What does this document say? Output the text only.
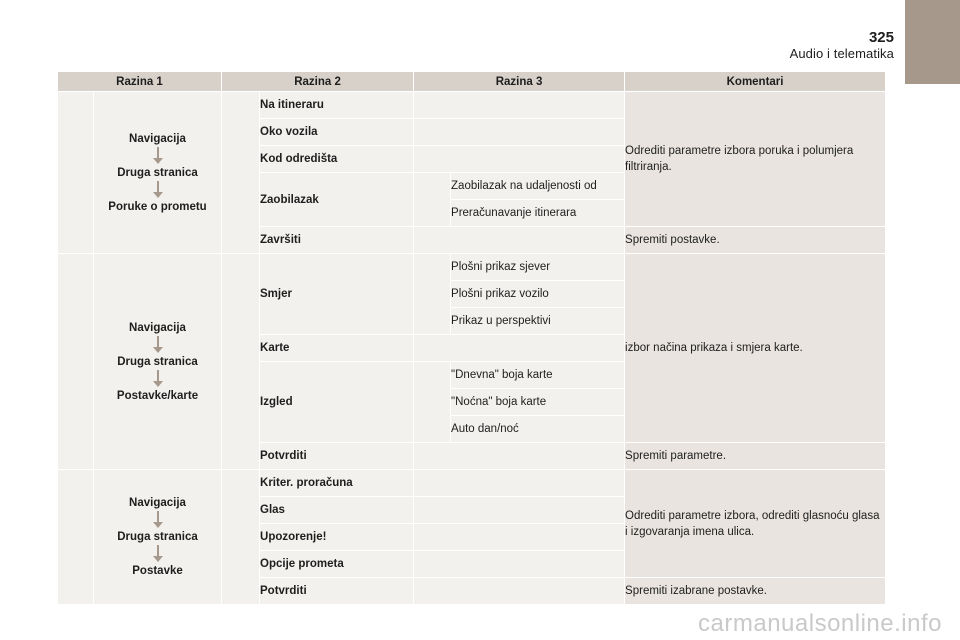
325
Audio i telematika
Razina 1		Razina 2		Razina 3		Komentari

	Navigacija
Druga stranica
Poruke o prometu		Na itineraru			Odrediti parametre izbora poruka i polumjera filtriranja.
			Oko vozila			
			Kod odredišta			
			Zaobilazak		Zaobilazak na udaljenosti od	
					Preračunavanje itinerara	
			Završiti			Spremiti postavke.

	Navigacija
Druga stranica
Postavke/karte		Smjer		Plošni prikaz sjever	izbor načina prikaza i smjera karte.
					Plošni prikaz vozilo	
					Prikaz u perspektivi	
			Karte			
			Izgled		"Dnevna" boja karte	
					"Noćna" boja karte	
					Auto dan/noć	
			Potvrditi			Spremiti parametre.

	Navigacija
Druga stranica
Postavke		Kriter. proračuna			Odrediti parametre izbora, odrediti glasnoću glasa i izgovaranja imena ulica.
			Glas			
			Upozorenje!			
			Opcije prometa			
			Potvrditi			Spremiti izabrane postavke.
carmanualsonline.info
